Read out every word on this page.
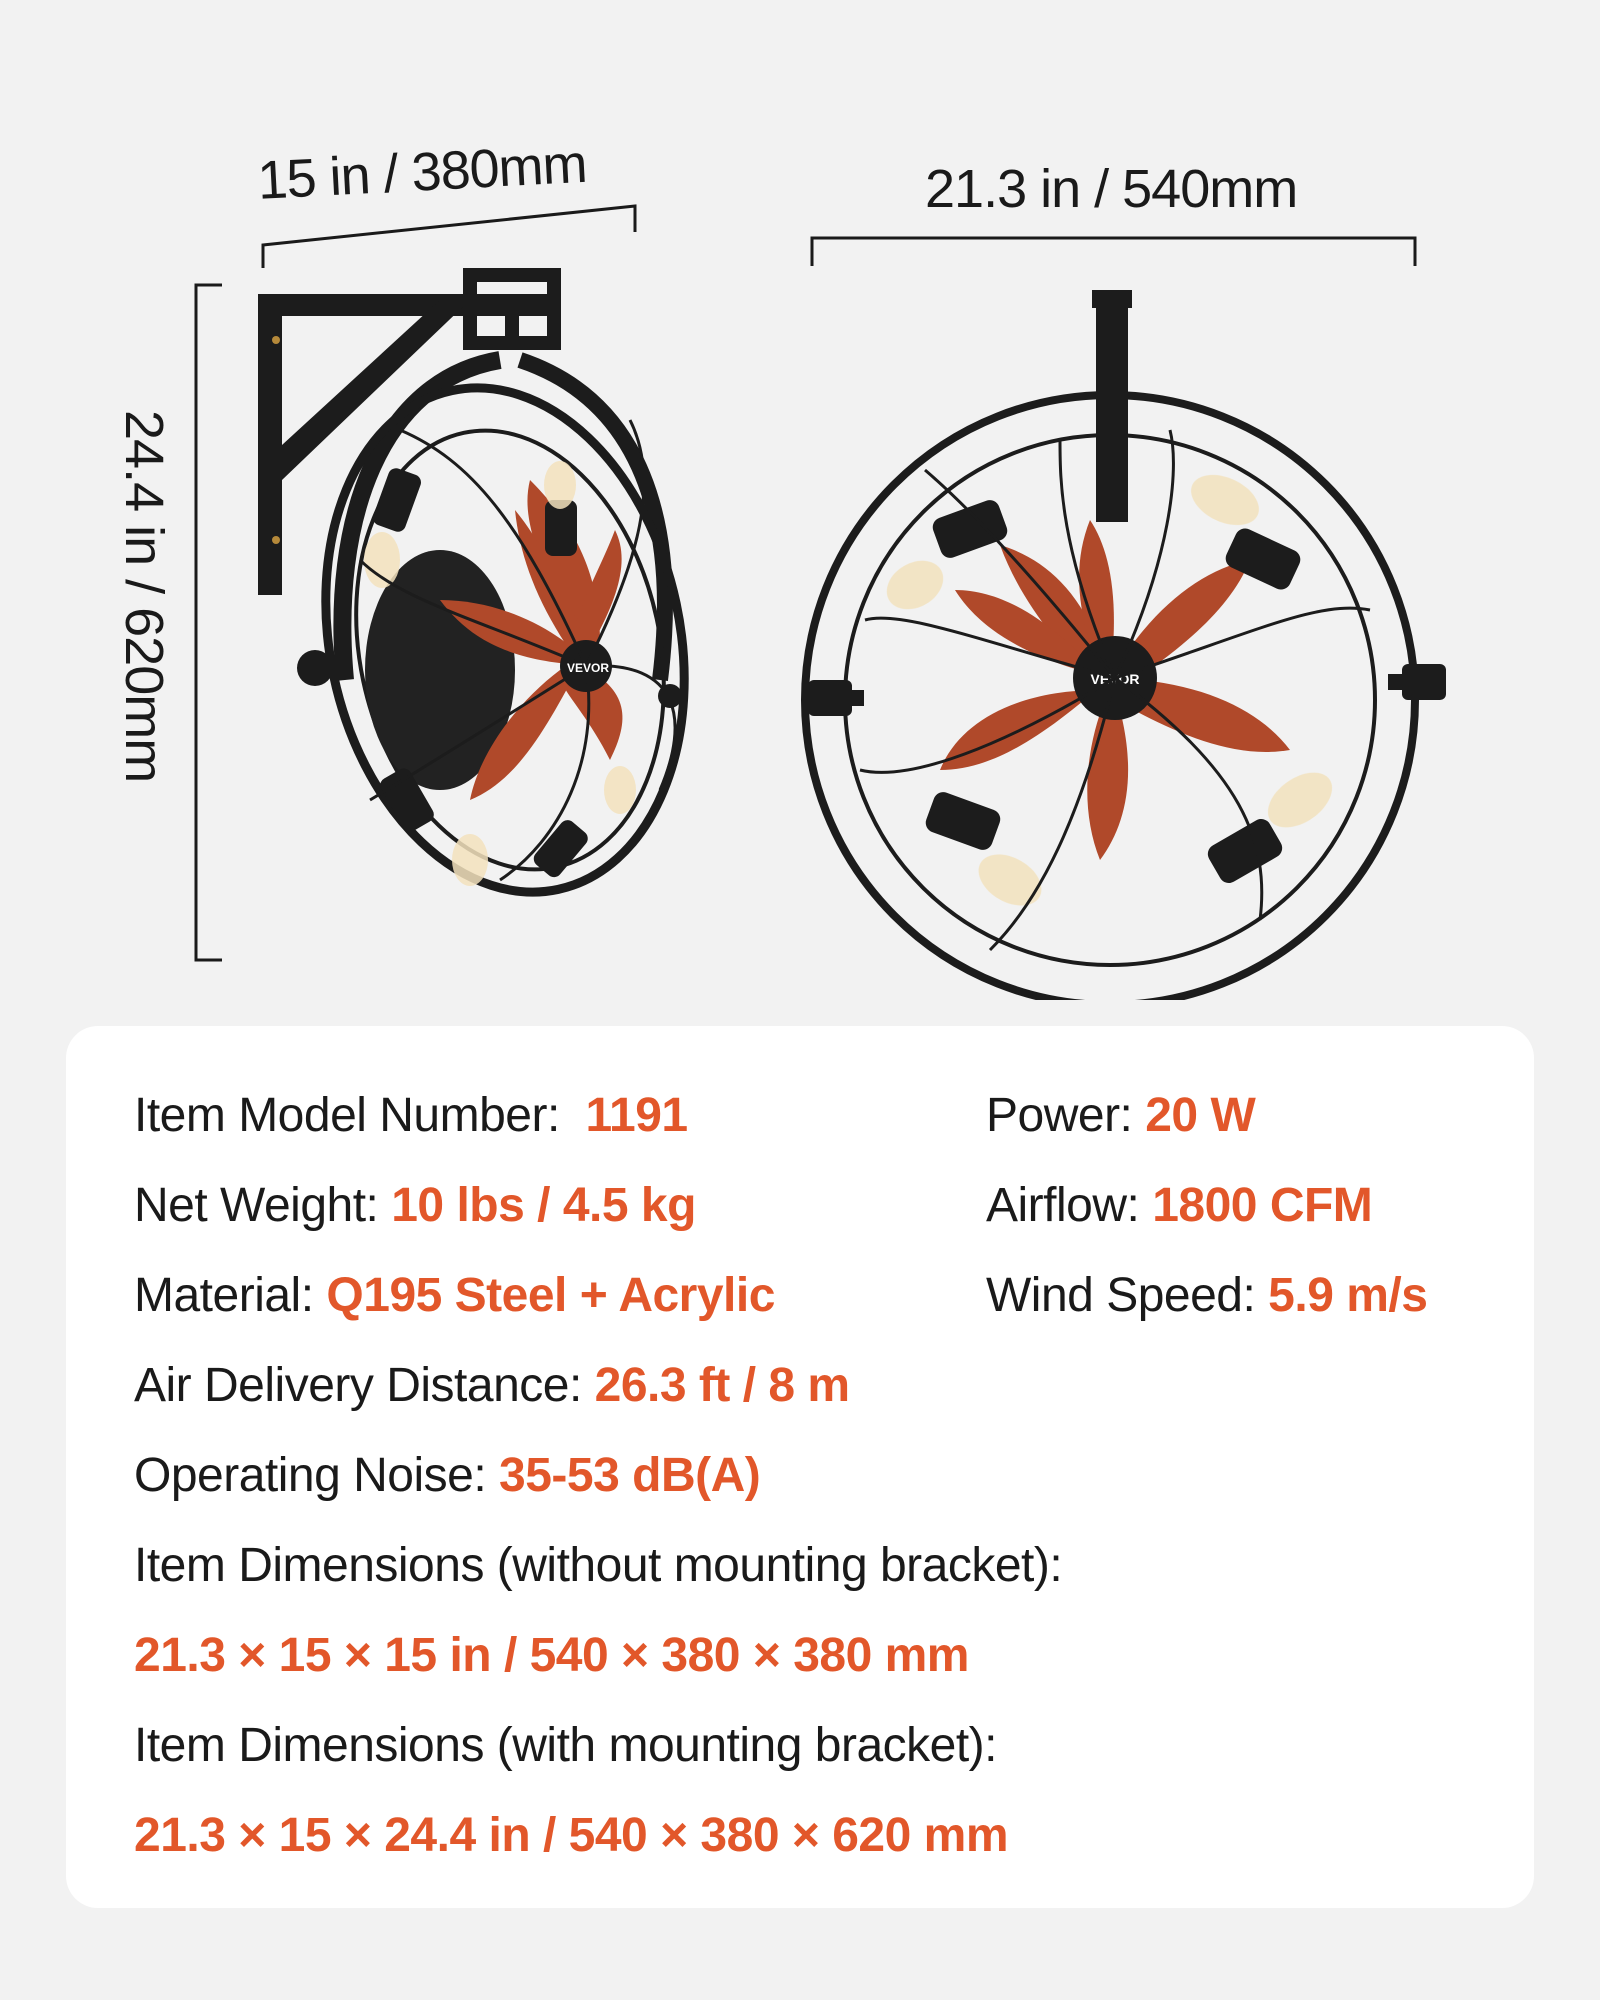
15 in / 380mm	21.3 in / 540mm
24.4 in / 620mm	VEVOR
VEVOR
Item Model Number: 1191
Net Weight: 10 lbs / 4.5 kg
Material: Q195 Steel + Acrylic
Air Delivery Distance: 26.3 ft / 8 m
Operating Noise: 35-53 dB(A)
Item Dimensions (without mounting bracket):
21.3 × 15 × 15 in / 540 × 380 × 380 mm
Item Dimensions (with mounting bracket):
21.3 × 15 × 24.4 in / 540 × 380 × 620 mm
Power: 20 W
Airflow: 1800 CFM
Wind Speed: 5.9 m/s
